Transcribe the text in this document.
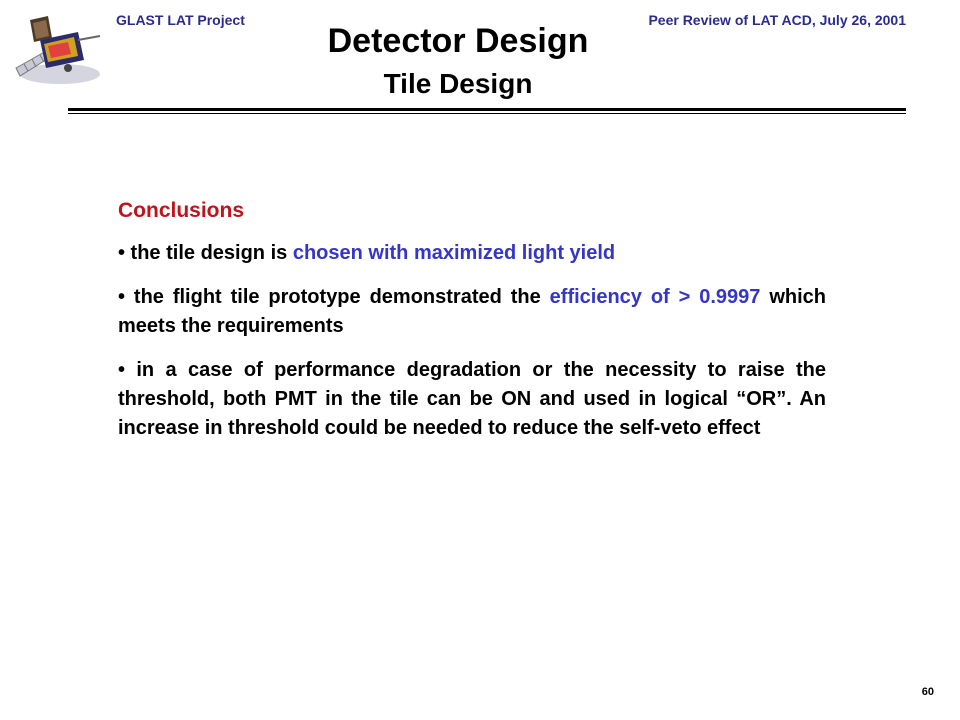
GLAST LAT Project	Peer Review of LAT ACD, July 26, 2001
Detector Design
Tile Design
Conclusions
• the tile design is chosen with maximized light yield
• the flight tile prototype demonstrated the efficiency of > 0.9997 which meets the requirements
• in a case of performance degradation or the necessity to raise the threshold, both PMT in the tile can be ON and used in logical “OR”. An increase in threshold could be needed to reduce the self-veto effect
60
